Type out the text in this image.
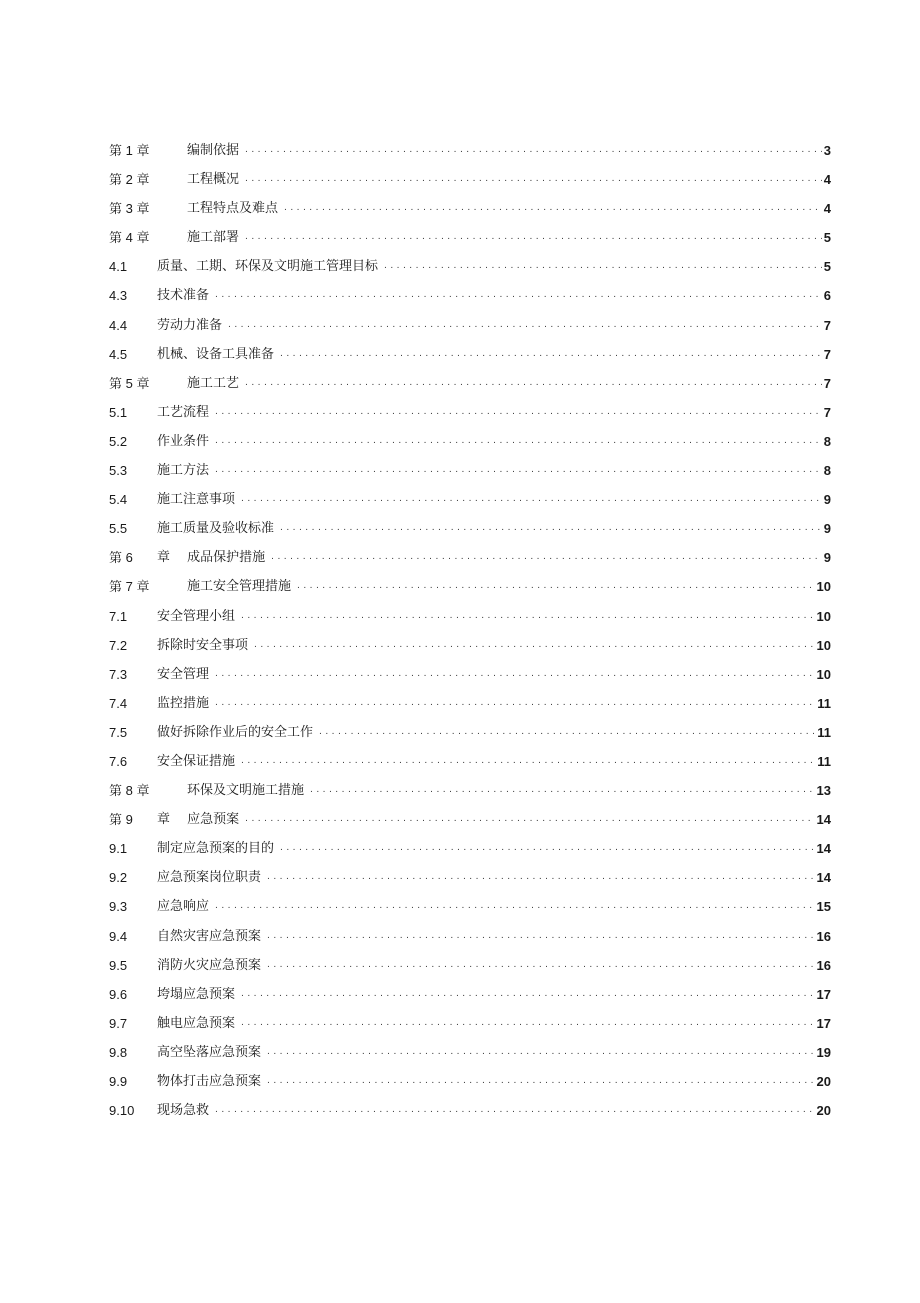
第 1 章	编制依据 . . .	3
第 2 章	工程概况 . . .	4
第 3 章	工程特点及难点 . . .	4
第 4 章	施工部署 . . .	5
4.1	质量、工期、环保及文明施工管理目标 . . .	5
4.3	技术准备 . . .	6
4.4	劳动力准备 . . .	7
4.5	机械、设备工具准备 . . .	7
第 5 章	施工工艺 . . .	7
5.1	工艺流程 . . .	7
5.2	作业条件 . . .	8
5.3	施工方法 . . .	8
5.4	施工注意事项 . . .	9
5.5	施工质量及验收标准 . . .	9
第 6	章　 成品保护措施 . . .	9
第 7 章	施工安全管理措施 . . .	10
7.1	安全管理小组 . . .	10
7.2	拆除时安全事项 . . .	10
7.3	安全管理 . . .	10
7.4	监控措施 . . .	11
7.5	做好拆除作业后的安全工作 . . .	11
7.6	安全保证措施 . . .	11
第 8 章	环保及文明施工措施 . . .	13
第 9	章　 应急预案 . . .	14
9.1	制定应急预案的目的 . . .	14
9.2	应急预案岗位职责 . . .	14
9.3	应急响应 . . .	15
9.4	自然灾害应急预案 . . .	16
9.5	消防火灾应急预案 . . .	16
9.6	垮塌应急预案 . . .	17
9.7	触电应急预案 . . .	17
9.8	高空坠落应急预案 . . .	19
9.9	物体打击应急预案 . . .	20
9.10	现场急救 . . .	20
